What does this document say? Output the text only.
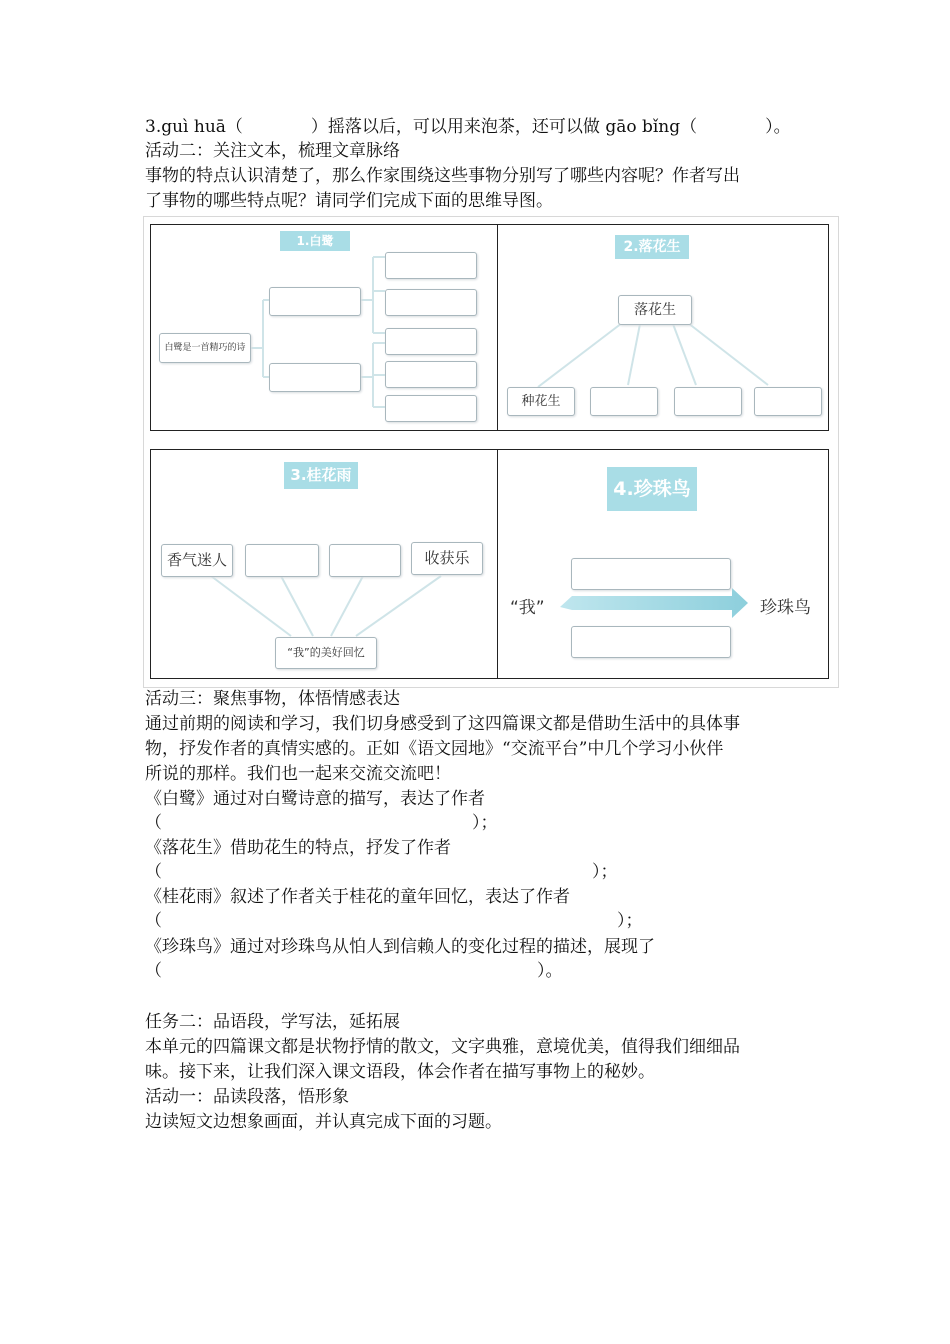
3.guì huā（　　　　）摇落以后，可以用来泡茶，还可以做 gāo bǐng（　　　　）。
活动二：关注文本，梳理文章脉络
事物的特点认识清楚了，那么作家围绕这些事物分别写了哪些内容呢？作者写出
了事物的哪些特点呢？请同学们完成下面的思维导图。
1.白鹭
白鹭是一首精巧的诗
2.落花生
落花生
种花生
3.桂花雨
香气迷人	收获乐
“我”的美好回忆
4.珍珠鸟
“我”	珍珠鸟
活动三：聚焦事物，体悟情感表达
通过前期的阅读和学习，我们切身感受到了这四篇课文都是借助生活中的具体事
物，抒发作者的真情实感的。正如《语文园地》“交流平台”中几个学习小伙伴
所说的那样。我们也一起来交流交流吧！
《白鹭》通过对白鹭诗意的描写，表达了作者
（	）；
《落花生》借助花生的特点，抒发了作者
（	）；
《桂花雨》叙述了作者关于桂花的童年回忆，表达了作者
（	）；
《珍珠鸟》通过对珍珠鸟从怕人到信赖人的变化过程的描述，展现了
（	）。
任务二：品语段，学写法，延拓展
本单元的四篇课文都是状物抒情的散文，文字典雅，意境优美，值得我们细细品
味。接下来，让我们深入课文语段，体会作者在描写事物上的秘妙。
活动一：品读段落，悟形象
边读短文边想象画面，并认真完成下面的习题。
